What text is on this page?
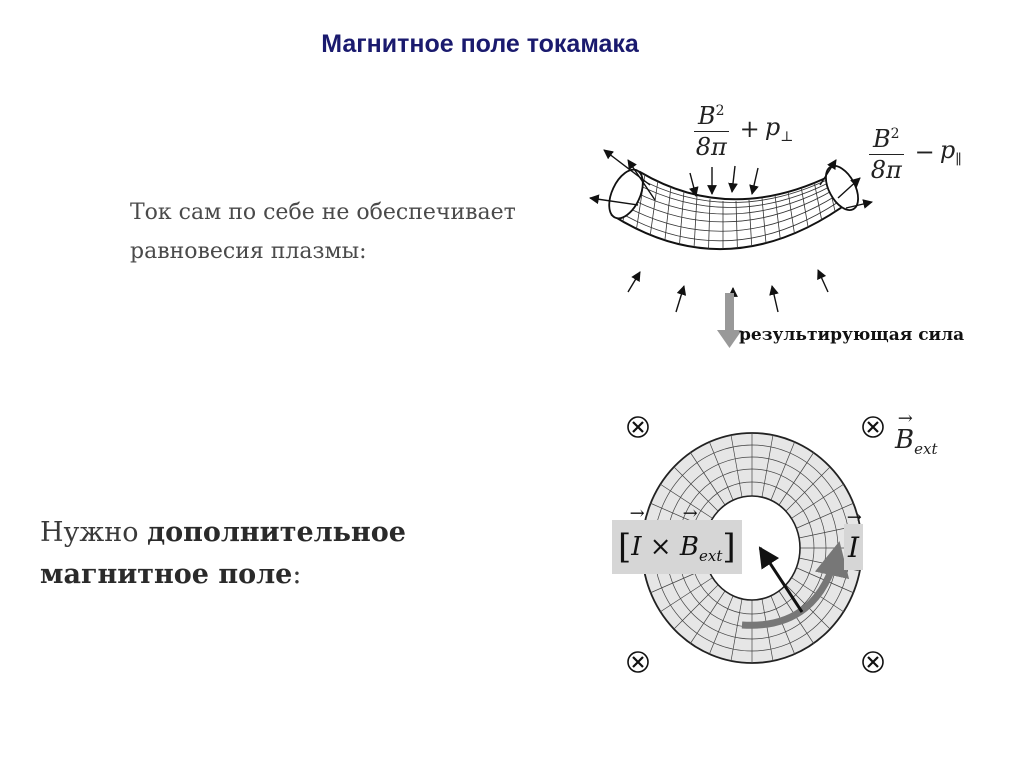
Магнитное поле токамака
Ток сам по себе не обеспечивает равновесия плазмы:
Нужно дополнительное магнитное поле:
$\frac{B^2}{8\pi} + p_\perp$	$\frac{B^2}{8\pi} - p_\parallel$
результирующая сила
→ $B_{ext}$
[→ I × → $B_{ext}$]
→	I
